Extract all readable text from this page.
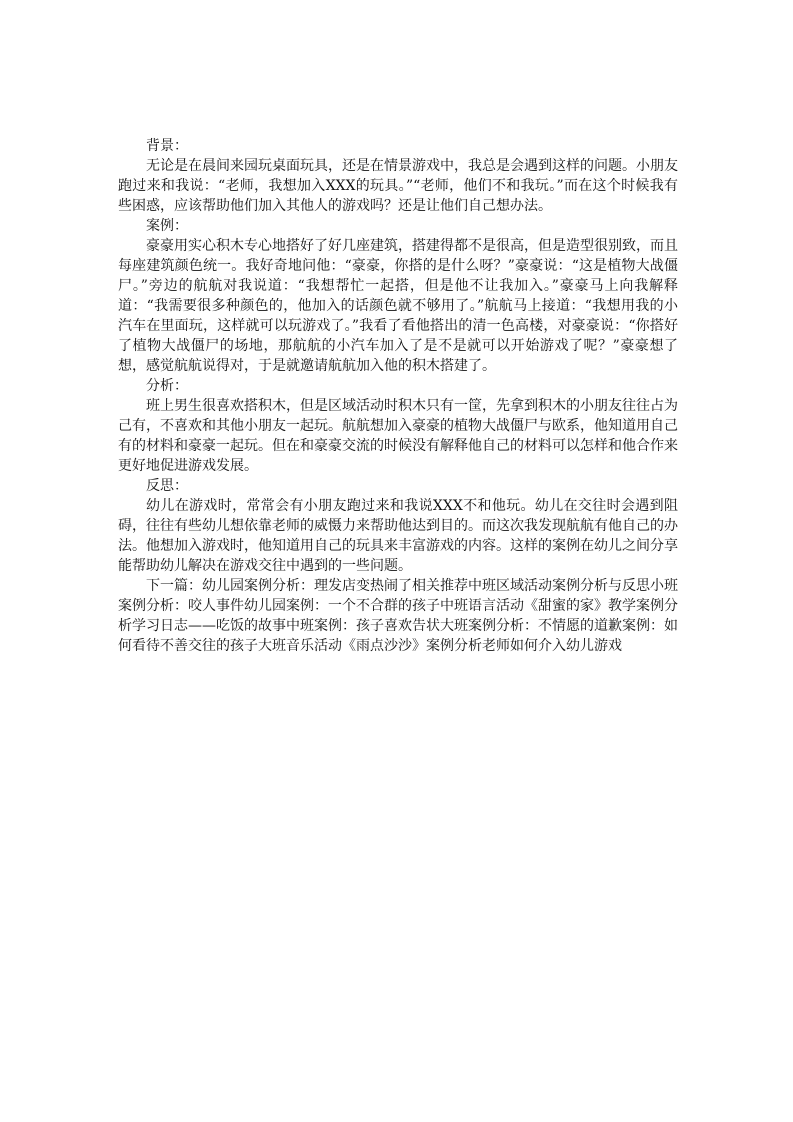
背景：

无论是在晨间来园玩桌面玩具，还是在情景游戏中，我总是会遇到这样的问题。小朋友跑过来和我说：“老师，我想加入XXX的玩具。”“老师，他们不和我玩。”而在这个时候我有些困惑，应该帮助他们加入其他人的游戏吗？还是让他们自己想办法。

案例：

豪豪用实心积木专心地搭好了好几座建筑，搭建得都不是很高，但是造型很别致，而且每座建筑颜色统一。我好奇地问他：“豪豪，你搭的是什么呀？”豪豪说：“这是植物大战僵尸。”旁边的航航对我说道：“我想帮忙一起搭，但是他不让我加入。”豪豪马上向我解释道：“我需要很多种颜色的，他加入的话颜色就不够用了。”航航马上接道：“我想用我的小汽车在里面玩，这样就可以玩游戏了。”我看了看他搭出的清一色高楼，对豪豪说：“你搭好了植物大战僵尸的场地，那航航的小汽车加入了是不是就可以开始游戏了呢？”豪豪想了想，感觉航航说得对，于是就邀请航航加入他的积木搭建了。

分析：

班上男生很喜欢搭积木，但是区域活动时积木只有一筐，先拿到积木的小朋友往往占为己有，不喜欢和其他小朋友一起玩。航航想加入豪豪的植物大战僵尸与欧系，他知道用自己有的材料和豪豪一起玩。但在和豪豪交流的时候没有解释他自己的材料可以怎样和他合作来更好地促进游戏发展。

反思：

幼儿在游戏时，常常会有小朋友跑过来和我说XXX不和他玩。幼儿在交往时会遇到阻碍，往往有些幼儿想依靠老师的威慑力来帮助他达到目的。而这次我发现航航有他自己的办法。他想加入游戏时，他知道用自己的玩具来丰富游戏的内容。这样的案例在幼儿之间分享能帮助幼儿解决在游戏交往中遇到的一些问题。

下一篇：幼儿园案例分析：理发店变热闹了相关推荐中班区域活动案例分析与反思小班案例分析：咬人事件幼儿园案例：一个不合群的孩子中班语言活动《甜蜜的家》教学案例分析学习日志——吃饭的故事中班案例：孩子喜欢告状大班案例分析：不情愿的道歉案例：如何看待不善交往的孩子大班音乐活动《雨点沙沙》案例分析老师如何介入幼儿游戏
